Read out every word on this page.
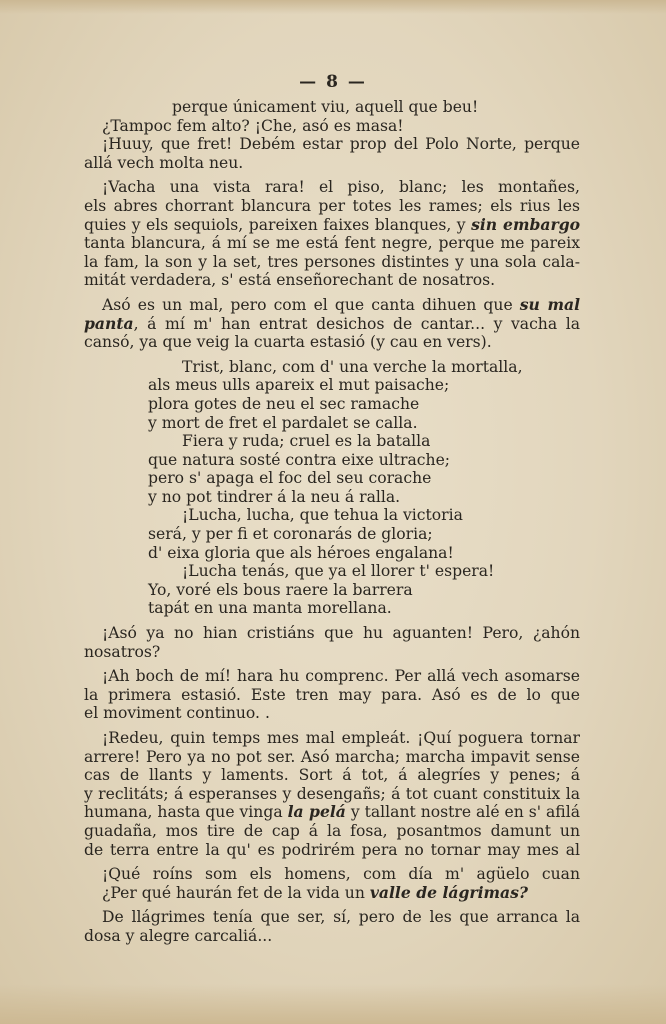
— 8 —
perque únicament viu, aquell que beu!
¿Tampoc fem alto? ¡Che, asó es masa!
¡Huuy, que fret! Debém estar prop del Polo Norte, perque
allá vech molta neu.
¡Vacha una vista rara! el piso, blanc; les montañes,
els abres chorrant blancura per totes les rames; els rius les
quies y els sequiols, pareixen faixes blanques, y sin embargo
tanta blancura, á mí se me está fent negre, perque me pareix
la fam, la son y la set, tres persones distintes y una sola cala-
mitát verdadera, s' está enseñorechant de nosatros.
Asó es un mal, pero com el que canta dihuen que su mal
panta, á mí m' han entrat desichos de cantar... y vacha la
cansó, ya que veig la cuarta estasió (y cau en vers).
Trist, blanc, com d' una verche la mortalla,
als meus ulls apareix el mut paisache;
plora gotes de neu el sec ramache
y mort de fret el pardalet se calla.
Fiera y ruda; cruel es la batalla
que natura sosté contra eixe ultrache;
pero s' apaga el foc del seu corache
y no pot tindrer á la neu á ralla.
¡Lucha, lucha, que tehua la victoria
será, y per fi et coronarás de gloria;
d' eixa gloria que als héroes engalana!
¡Lucha tenás, que ya el llorer t' espera!
Yo, voré els bous raere la barrera
tapát en una manta morellana.
¡Asó ya no hian cristiáns que hu aguanten! Pero, ¿ahón
nosatros?
¡Ah boch de mí! hara hu comprenc. Per allá vech asomarse
la primera estasió. Este tren may para. Asó es de lo que
el moviment continuo. .
¡Redeu, quin temps mes mal empleát. ¡Quí poguera tornar
arrere! Pero ya no pot ser. Asó marcha; marcha impavit sense
cas de llants y laments. Sort á tot, á alegríes y penes; á
y reclitáts; á esperanses y desengañs; á tot cuant constituix la
humana, hasta que vinga la pelá y tallant nostre alé en s' afilá
guadaña, mos tire de cap á la fosa, posantmos damunt un
de terra entre la qu' es podrirém pera no tornar may mes al
¡Qué roíns som els homens, com día m' agüelo cuan
¿Per qué haurán fet de la vida un valle de lágrimas?
De llágrimes tenía que ser, sí, pero de les que arranca la
dosa y alegre carcaliá...
